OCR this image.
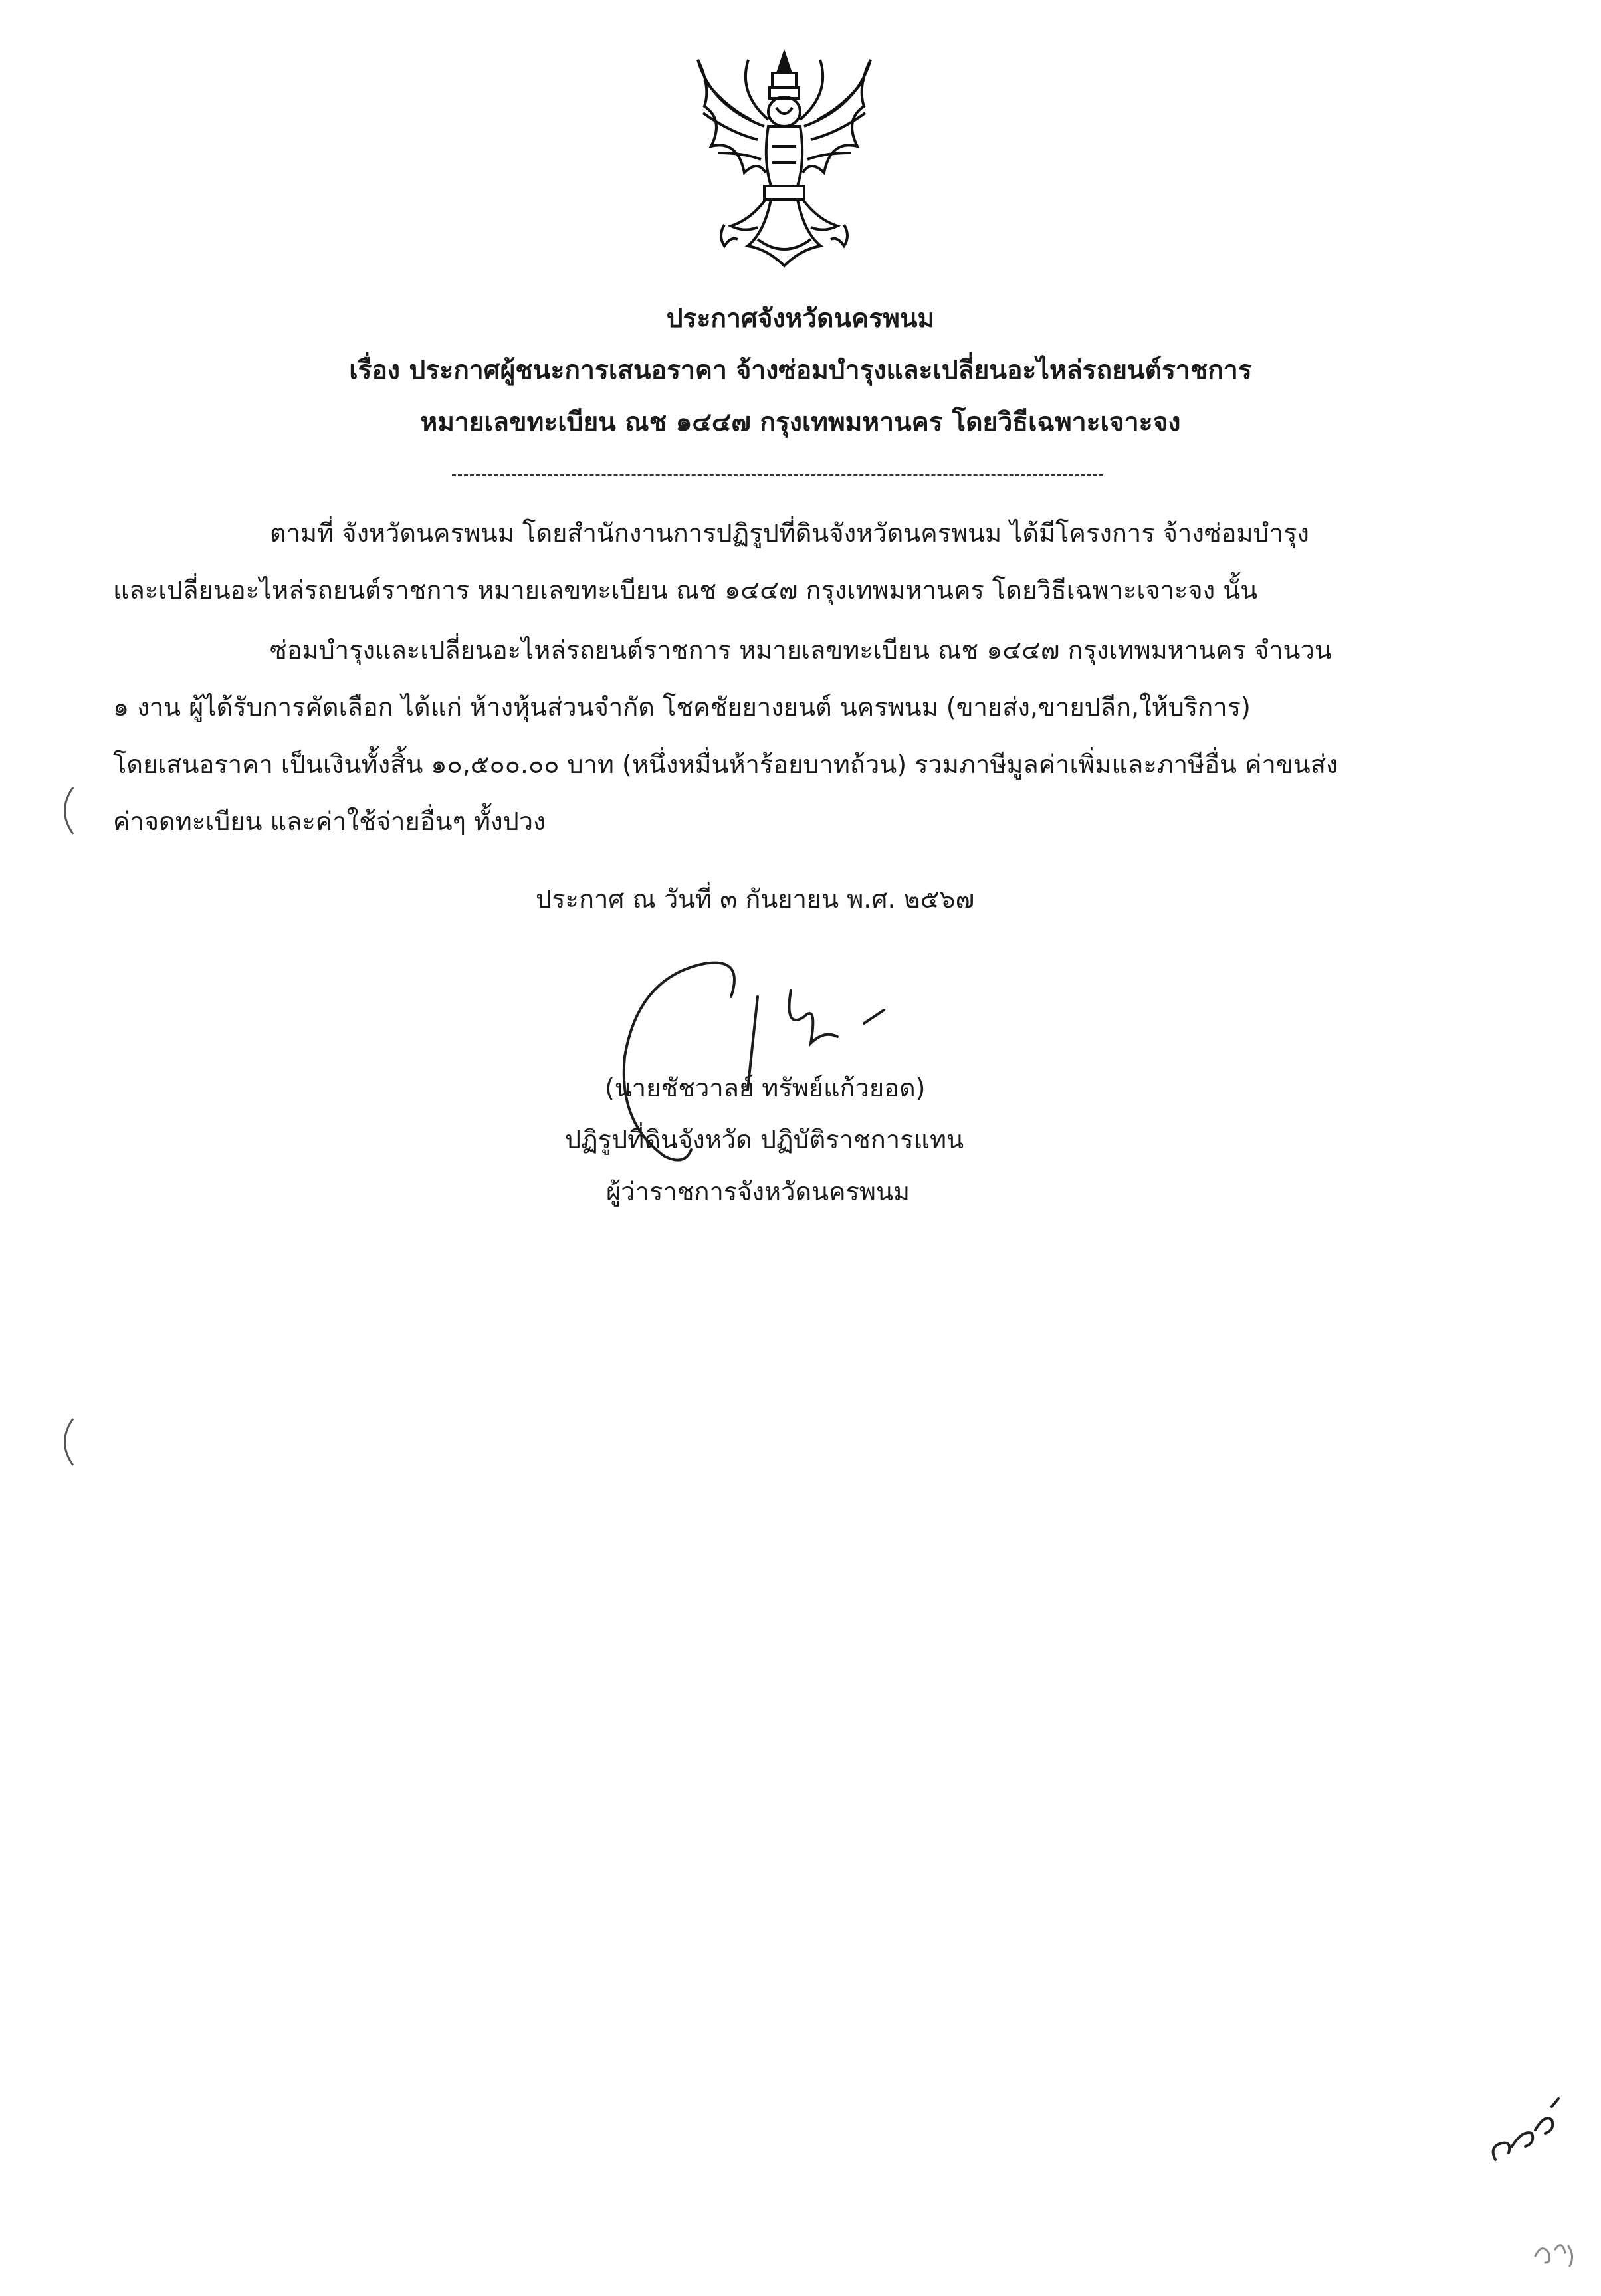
ประกาศจังหวัดนครพนม
เรื่อง ประกาศผู้ชนะการเสนอราคา จ้างซ่อมบำรุงและเปลี่ยนอะไหล่รถยนต์ราชการ
หมายเลขทะเบียน ณช ๑๔๔๗ กรุงเทพมหานคร โดยวิธีเฉพาะเจาะจง
ตามที่ จังหวัดนครพนม โดยสำนักงานการปฏิรูปที่ดินจังหวัดนครพนม ได้มีโครงการ จ้างซ่อมบำรุง
และเปลี่ยนอะไหล่รถยนต์ราชการ หมายเลขทะเบียน ณช ๑๔๔๗ กรุงเทพมหานคร โดยวิธีเฉพาะเจาะจง นั้น
ซ่อมบำรุงและเปลี่ยนอะไหล่รถยนต์ราชการ หมายเลขทะเบียน ณช ๑๔๔๗ กรุงเทพมหานคร จำนวน
๑ งาน ผู้ได้รับการคัดเลือก ได้แก่ ห้างหุ้นส่วนจำกัด โชคชัยยางยนต์ นครพนม (ขายส่ง,ขายปลีก,ให้บริการ)
โดยเสนอราคา เป็นเงินทั้งสิ้น ๑๐,๕๐๐.๐๐ บาท (หนึ่งหมื่นห้าร้อยบาทถ้วน) รวมภาษีมูลค่าเพิ่มและภาษีอื่น ค่าขนส่ง
ค่าจดทะเบียน และค่าใช้จ่ายอื่นๆ ทั้งปวง
ประกาศ ณ วันที่ ๓ กันยายน พ.ศ. ๒๕๖๗
(นายชัชวาลย์ ทรัพย์แก้วยอด)
ปฏิรูปที่ดินจังหวัด ปฏิบัติราชการแทน
ผู้ว่าราชการจังหวัดนครพนม
